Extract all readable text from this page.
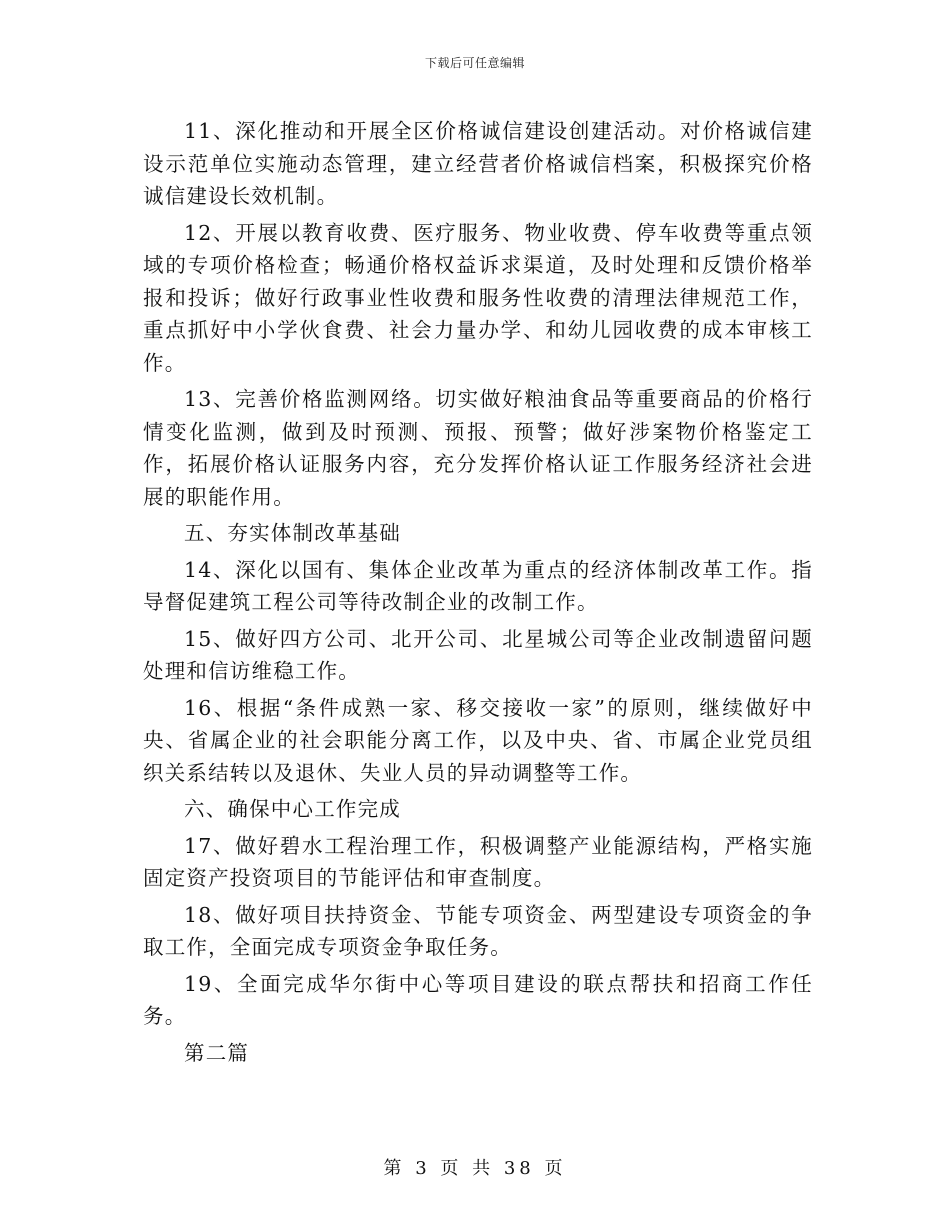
下载后可任意编辑

11、深化推动和开展全区价格诚信建设创建活动。对价格诚信建设示范单位实施动态管理，建立经营者价格诚信档案，积极探究价格诚信建设长效机制。

12、开展以教育收费、医疗服务、物业收费、停车收费等重点领域的专项价格检查；畅通价格权益诉求渠道，及时处理和反馈价格举报和投诉；做好行政事业性收费和服务性收费的清理法律规范工作，重点抓好中小学伙食费、社会力量办学、和幼儿园收费的成本审核工作。

13、完善价格监测网络。切实做好粮油食品等重要商品的价格行情变化监测，做到及时预测、预报、预警；做好涉案物价格鉴定工作，拓展价格认证服务内容，充分发挥价格认证工作服务经济社会进展的职能作用。

五、夯实体制改革基础

14、深化以国有、集体企业改革为重点的经济体制改革工作。指导督促建筑工程公司等待改制企业的改制工作。

15、做好四方公司、北开公司、北星城公司等企业改制遗留问题处理和信访维稳工作。

16、根据“条件成熟一家、移交接收一家”的原则，继续做好中央、省属企业的社会职能分离工作，以及中央、省、市属企业党员组织关系结转以及退休、失业人员的异动调整等工作。

六、确保中心工作完成

17、做好碧水工程治理工作，积极调整产业能源结构，严格实施固定资产投资项目的节能评估和审查制度。

18、做好项目扶持资金、节能专项资金、两型建设专项资金的争取工作，全面完成专项资金争取任务。

19、全面完成华尔街中心等项目建设的联点帮扶和招商工作任务。

第二篇

第 3 页 共 38 页
